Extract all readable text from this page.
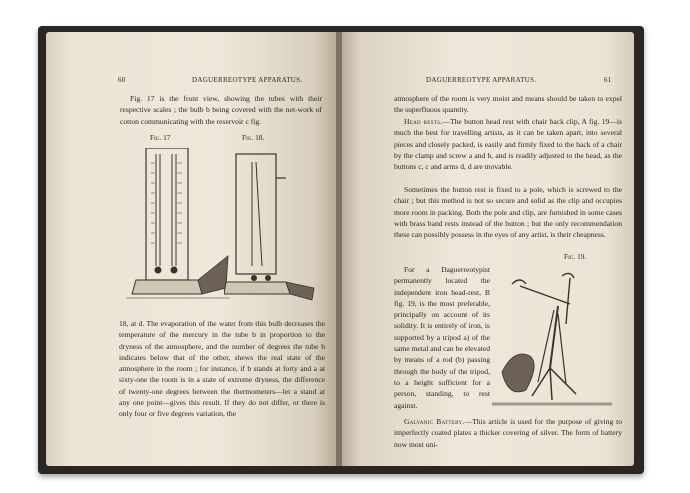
60	DAGUERREOTYPE APPARATUS.
Fig. 17 is the front view, showing the tubes with their respective scales ; the bulb b being covered with the net-work of cotton communicating with the reservoir c fig.
Fig. 17	Fig. 18.
18, at d. The evaporation of the water from this bulb decreases the temperature of the mercury in the tube b in proportion to the dryness of the atmosphere, and the number of degrees the tube b indicates below that of the other, shews the real state of the atmosphere in the room ; for instance, if b stands at forty and a at sixty-one the room is in a state of extreme dryness, the difference of twenty-one degrees between the thermometers—let a stand at any one point—gives this result. If they do not differ, or there is only four or five degrees variation, the
DAGUERREOTYPE APPARATUS.	61
atmosphere of the room is very moist and means should be taken to expel the superfluous quantity.
Head rests.—The button head rest with chair back clip, A fig. 19—is much the best for travelling artists, as it can be taken apart, into several pieces and closely packed, is easily and firmly fixed to the back of a chair by the clamp and screw a and b, and is readily adjusted to the head, as the buttons c, c and arms d, d are movable.
Sometimes the button rest is fixed to a pole, which is screwed to the chair ; but this method is not so secure and solid as the clip and occupies more room in packing. Both the pole and clip, are furnished in some cases with brass band rests instead of the button ; but the only recommendation these can possibly possess in the eyes of any artist, is their cheapness.
Fig. 19.
For a Daguerreotypist permanently located the independent iron head-rest, B fig. 19, is the most preferable, principally on account of its solidity. It is entirely of iron, is supported by a tripod a) of the same metal and can be elevated by means of a rod (b) passing through the body of the tripod, to a height sufficient for a person, standing, to rest against.
Galvanic Battery.—This article is used for the purpose of giving to imperfectly coated plates a thicker covering of silver. The form of battery now most uni-
